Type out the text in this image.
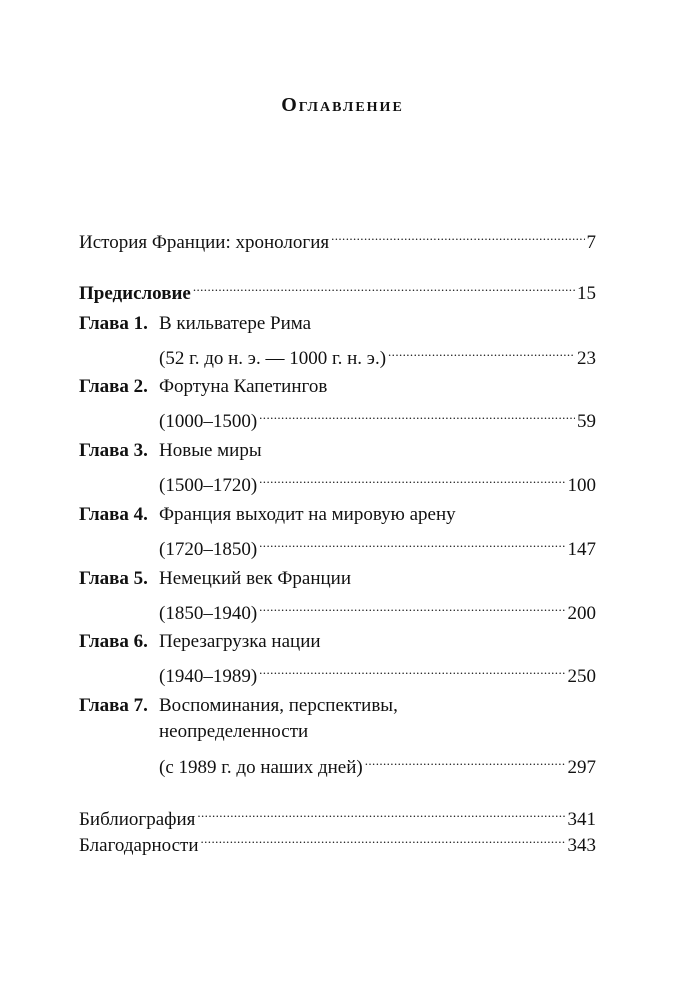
Оглавление
История Франции: хронология .....	7
Предисловие .....	15
Глава 1. В кильватере Рима
(52 г. до н. э. — 1000 г. н. э.) .....	23
Глава 2. Фортуна Капетингов
(1000–1500) .....	59
Глава 3. Новые миры
(1500–1720) .....	100
Глава 4. Франция выходит на мировую арену
(1720–1850) .....	147
Глава 5. Немецкий век Франции
(1850–1940) .....	200
Глава 6. Перезагрузка нации
(1940–1989) .....	250
Глава 7. Воспоминания, перспективы,
неопределенности
(с 1989 г. до наших дней) .....	297
Библиография .....	341
Благодарности .....	343
